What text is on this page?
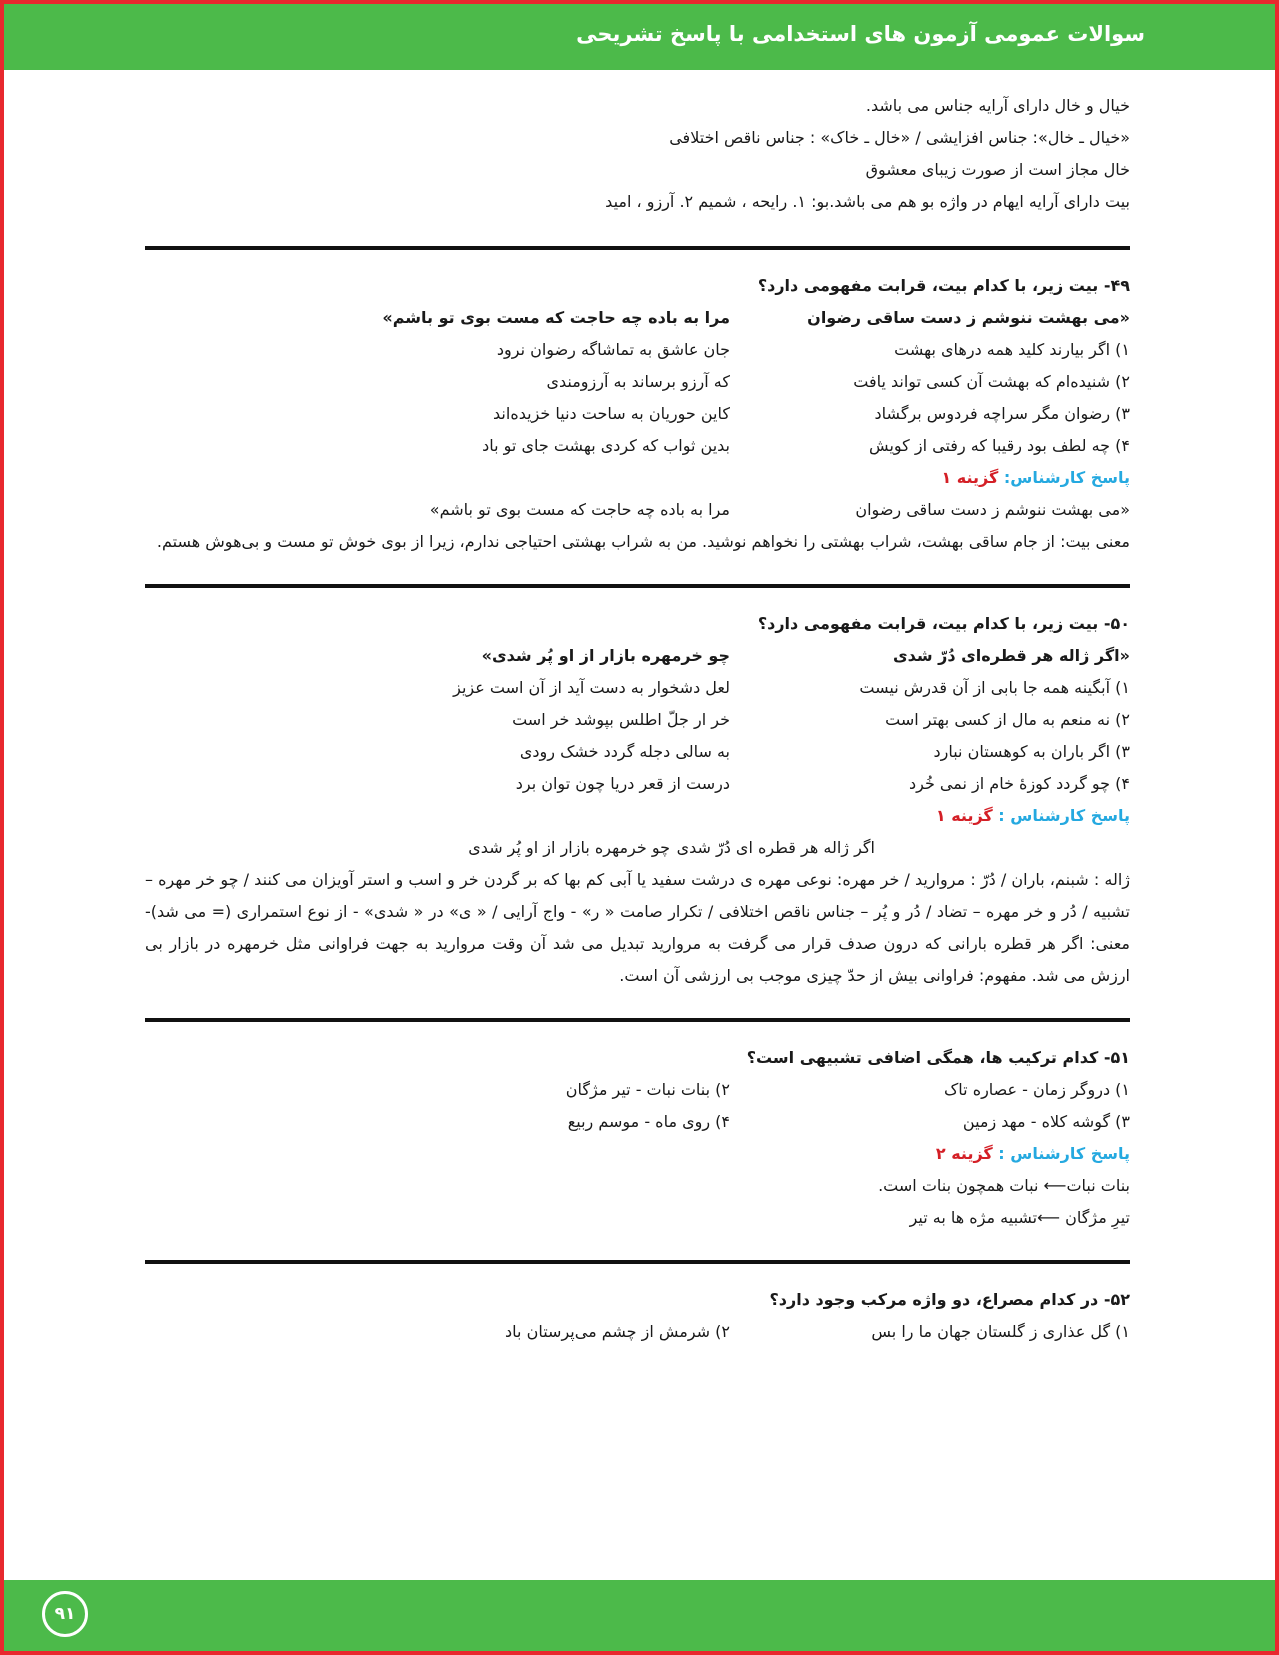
سوالات عمومی آزمون های استخدامی با پاسخ تشریحی
خیال و خال دارای آرایه جناس می باشد.
«خیال ـ خال»: جناس افزایشی / «خال ـ خاک» : جناس ناقص اختلافی
خال مجاز است از صورت زیبای معشوق
بیت دارای آرایه ایهام در واژه بو هم می باشد.بو: ۱. رایحه ، شمیم ۲. آرزو ، امید
۴۹- بیت زیر، با کدام بیت، قرابت مفهومی دارد؟
«می بهشت ننوشم ز دست ساقی رضوان
مرا به باده چه حاجت که مست بوی تو باشم»
۱) اگر بیارند کلید همه درهای بهشت
جان عاشق به تماشاگه رضوان نرود
۲) شنیده‌ام که بهشت آن کسی تواند یافت
که آرزو برساند به آرزومندی
۳) رضوان مگر سراچه فردوس برگشاد
کاین حوریان به ساحت دنیا خزیده‌اند
۴) چه لطف بود رقیبا که رفتی از کویش
بدین ثواب که کردی بهشت جای تو باد
پاسخ کارشناس: گزینه ۱
«می بهشت ننوشم ز دست ساقی رضوان
مرا به باده چه حاجت که مست بوی تو باشم»
معنی بیت: از جام ساقی بهشت، شراب بهشتی را نخواهم نوشید. من به شراب بهشتی احتیاجی ندارم، زیرا از بوی خوش تو مست و بی‌هوش هستم.
۵۰- بیت زیر، با کدام بیت، قرابت مفهومی دارد؟
«اگر ژاله هر قطره‌ای دُرّ شدی
چو خرمهره بازار از او پُر شدی»
۱) آبگینه همه جا بابی از آن قدرش نیست
لعل دشخوار به دست آید از آن است عزیز
۲) نه منعم به مال از کسی بهتر است
خر ار جلّ اطلس بپوشد خر است
۳) اگر باران به کوهستان نبارد
به سالی دجله گردد خشک رودی
۴) چو گردد کوزۀ خام از نمی خُرد
درست از قعر دریا چون توان برد
پاسخ کارشناس : گزینه ۱
اگر ژاله هر قطره ای دُرّ شدی
چو خرمهره بازار از او پُر شدی
ژاله : شبنم، باران / دُرّ : مروارید / خر مهره: نوعی مهره ی درشت سفید یا آبی کم بها که بر گردن خر و اسب و استر آویزان می کنند / چو خر مهره – تشبیه / دُر و خر مهره – تضاد / دُر و پُر – جناس ناقص اختلافی / تکرار صامت « ر» - واج آرایی / « ی» در « شدی» - از نوع استمراری (= می شد)- معنی: اگر هر قطره بارانی که درون صدف قرار می گرفت به مروارید تبدیل می شد آن وقت مروارید به جهت فراوانی مثل خرمهره در بازار بی ارزش می شد. مفهوم: فراوانی بیش از حدّ چیزی موجب بی ارزشی آن است.
۵۱- کدام ترکیب ها، همگی اضافی تشبیهی است؟
۱) دروگر زمان - عصاره تاک
۲) بنات نبات - تیر مژگان
۳) گوشه کلاه - مهد زمین
۴) روی ماه - موسم ربیع
پاسخ کارشناس : گزینه ۲
بنات نبات⟵ نبات همچون بنات است.
تیرِ مژگان ⟵تشبیه مژه ها به تیر
۵۲- در کدام مصراع، دو واژه مرکب وجود دارد؟
۱) گل عذاری ز گلستان جهان ما را بس
۲) شرمش از چشم می‌پرستان باد
۹۱
